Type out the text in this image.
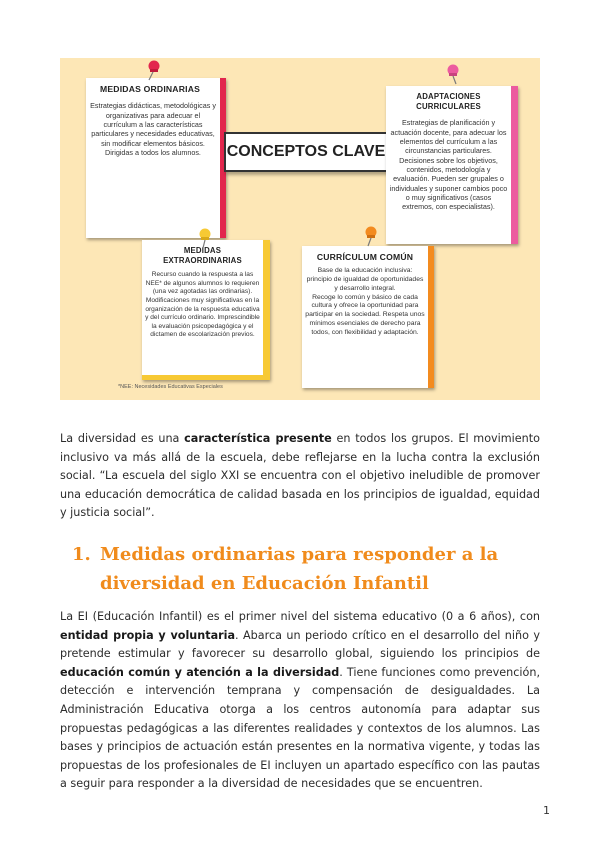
MEDIDAS ORDINARIAS
Estrategias didácticas, metodológicas y organizativas para adecuar el currículum a las características particulares y necesidades educativas, sin modificar elementos básicos. Dirigidas a todos los alumnos.	CONCEPTOS CLAVE
ADAPTACIONES CURRICULARES
Estrategias de planificación y actuación docente, para adecuar los elementos del currículum a las circunstancias particulares. Decisiones sobre los objetivos, contenidos, metodología y evaluación. Pueden ser grupales o individuales y suponer cambios poco o muy significativos (casos extremos, con especialistas).
MEDIDAS EXTRAORDINARIAS
Recurso cuando la respuesta a las NEE* de algunos alumnos lo requieren (una vez agotadas las ordinarias).
Modificaciones muy significativas en la organización de la respuesta educativa y del currículo ordinario. Imprescindible la evaluación psicopedagógica y el dictamen de escolarización previos.
CURRÍCULUM COMÚN
Base de la educación inclusiva: principio de igualdad de oportunidades y desarrollo integral.
Recoge lo común y básico de cada cultura y ofrece la oportunidad para participar en la sociedad. Respeta unos mínimos esenciales de derecho para todos, con flexibilidad y adaptación.
*NEE: Necesidades Educativas Especiales
La diversidad es una característica presente en todos los grupos. El movimiento inclusivo va más allá de la escuela, debe reflejarse en la lucha contra la exclusión social. “La escuela del siglo XXI se encuentra con el objetivo ineludible de promover una educación democrática de calidad basada en los principios de igualdad, equidad y justicia social”.
1. Medidas ordinarias para responder a la diversidad en Educación Infantil
La EI (Educación Infantil) es el primer nivel del sistema educativo (0 a 6 años), con entidad propia y voluntaria. Abarca un periodo crítico en el desarrollo del niño y pretende estimular y favorecer su desarrollo global, siguiendo los principios de educación común y atención a la diversidad. Tiene funciones como prevención, detección e intervención temprana y compensación de desigualdades. La Administración Educativa otorga a los centros autonomía para adaptar sus propuestas pedagógicas a las diferentes realidades y contextos de los alumnos. Las bases y principios de actuación están presentes en la normativa vigente, y todas las propuestas de los profesionales de EI incluyen un apartado específico con las pautas a seguir para responder a la diversidad de necesidades que se encuentren.
1
